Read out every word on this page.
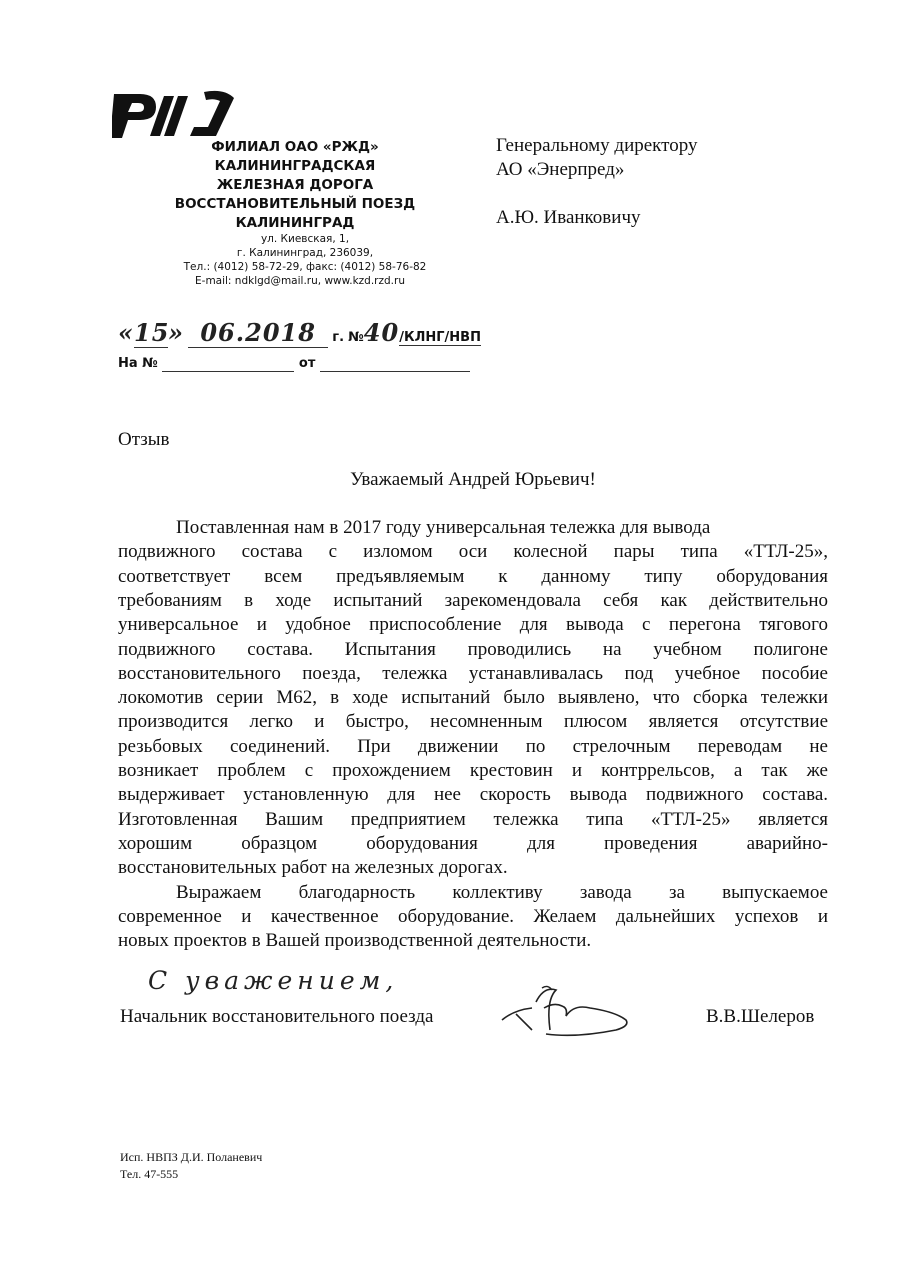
ФИЛИАЛ ОАО «РЖД»
КАЛИНИНГРАДСКАЯ
ЖЕЛЕЗНАЯ ДОРОГА
ВОССТАНОВИТЕЛЬНЫЙ ПОЕЗД
КАЛИНИНГРАД
ул. Киевская, 1,
г. Калининград, 236039,
Тел.: (4012) 58-72-29, факс: (4012) 58-76-82
E-mail: ndklgd@mail.ru, www.kzd.rzd.ru
Генеральному директору
АО «Энерпред»
А.Ю. Иванковичу
«15» 06.2018 г. №40/КЛНГ/НВП
На №	от
Отзыв
Уважаемый Андрей Юрьевич!
Поставленная нам в 2017 году универсальная тележка для вывода
подвижного состава с изломом оси колесной пары типа «ТТЛ-25»,
соответствует всем предъявляемым к данному типу оборудования
требованиям в ходе испытаний зарекомендовала себя как действительно
универсальное и удобное приспособление для вывода с перегона тягового
подвижного состава. Испытания проводились на учебном полигоне
восстановительного поезда, тележка устанавливалась под учебное пособие
локомотив серии М62, в ходе испытаний было выявлено, что сборка тележки
производится легко и быстро, несомненным плюсом является отсутствие
резьбовых соединений. При движении по стрелочным переводам не
возникает проблем с прохождением крестовин и контррельсов, а так же
выдерживает установленную для нее скорость вывода подвижного состава.
Изготовленная Вашим предприятием тележка типа «ТТЛ-25» является
хорошим образцом оборудования для проведения аварийно-
восстановительных работ на железных дорогах.
Выражаем благодарность коллективу завода за выпускаемое
современное и качественное оборудование. Желаем дальнейших успехов и
новых проектов в Вашей производственной деятельности.
С уважением,
Начальник восстановительного поезда	В.В.Шелеров
Исп. НВПЗ Д.И. Поланевич
Тел. 47-555
